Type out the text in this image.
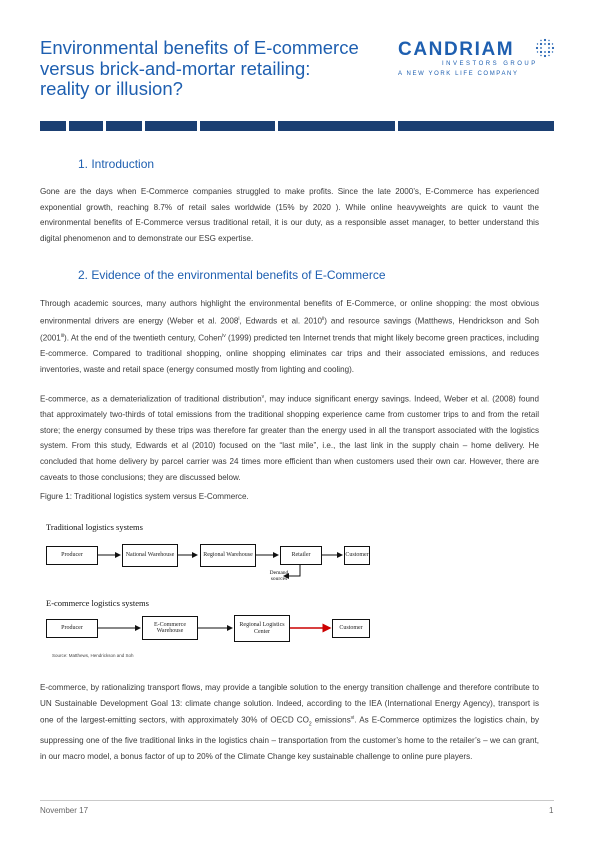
Environmental benefits of E-commerce
versus brick-and-mortar retailing:
reality or illusion?
CANDRIAM
INVESTORS GROUP
A NEW YORK LIFE COMPANY
1. Introduction

Gone are the days when E-Commerce companies struggled to make profits. Since the late 2000’s, E-Commerce has experienced exponential growth, reaching 8.7% of retail sales worldwide (15% by 2020 ). While online heavyweights are quick to vaunt the environmental benefits of E-Commerce versus traditional retail, it is our duty, as a responsible asset manager, to better understand this digital phenomenon and to demonstrate our ESG expertise.

2. Evidence of the environmental benefits of E-Commerce

Through academic sources, many authors highlight the environmental benefits of E-Commerce, or online shopping: the most obvious environmental drivers are energy (Weber et al. 2008$^i$, Edwards et al. 2010$^{ii}$) and resource savings (Matthews, Hendrickson and Soh (2001$^{iii}$). At the end of the twentieth century, Cohen$^{iv}$ (1999) predicted ten Internet trends that might likely become green practices, including E-commerce. Compared to traditional shopping, online shopping eliminates car trips and their associated emissions, and reduces inventories, waste and retail space (energy consumed mostly from lighting and cooling).

E-commerce, as a dematerialization of traditional distribution$^v$, may induce significant energy savings. Indeed, Weber et al. (2008) found that approximately two-thirds of total emissions from the traditional shopping experience came from customer trips to and from the retail store; the energy consumed by these trips was therefore far greater than the energy used in all the transport associated with the logistics system. From this study, Edwards et al (2010) focused on the “last mile”, i.e., the last link in the supply chain – home delivery. He concluded that home delivery by parcel carrier was 24 times more efficient than when customers used their own car. However, there are caveats to those conclusions; they are discussed below.

Figure 1: Traditional logistics system versus E-Commerce.
Traditional logistics systems
Producer	National Warehouse	Regional Warehouse	Retailer	Customer
Demand sources
E-commerce logistics systems
Producer
E-Commerce Warehouse
Regional Logistics Center
Customer
Source: Matthews, Hendrickson and Soh

E-commerce, by rationalizing transport flows, may provide a tangible solution to the energy transition challenge and therefore contribute to UN Sustainable Development Goal 13: climate change solution. Indeed, according to the IEA (International Energy Agency), transport is one of the largest-emitting sectors, with approximately 30% of OECD $CO_2$ emissions$^{vi}$. As E-Commerce optimizes the logistics chain, by suppressing one of the five traditional links in the logistics chain – transportation from the customer’s home to the retailer’s – we can grant, in our macro model, a bonus factor of up to 20% of the Climate Change key sustainable challenge to online pure players.

November 17	1
